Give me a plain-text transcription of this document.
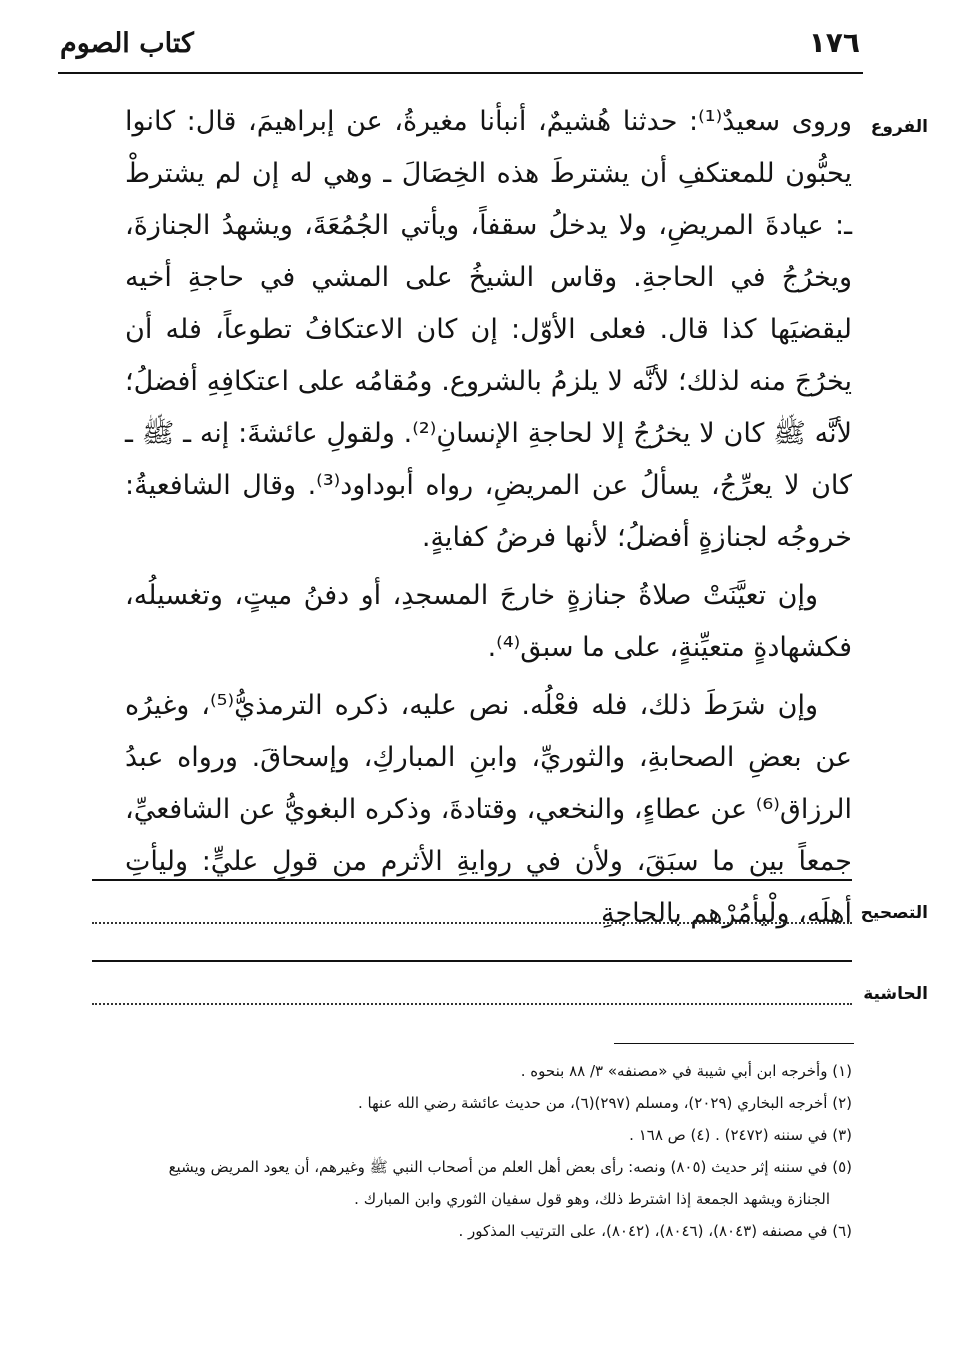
كتاب الصوم	١٧٦
الفروع

وروى سعيدٌ⁽¹⁾: حدثنا هُشيمٌ، أنبأنا مغيرةُ، عن إبراهيمَ، قال: كانوا يحبُّون للمعتكفِ أن يشترطَ هذه الخِصَالَ ـ وهي له إن لم يشترطْ ـ: عيادةَ المريضِ، ولا يدخلُ سقفاً، ويأتي الجُمُعَةَ، ويشهدُ الجنازةَ، ويخرُجُ في الحاجةِ. وقاس الشيخُ على المشي في حاجةِ أخيه ليقضيَها كذا قال. فعلى الأوّل: إن كان الاعتكافُ تطوعاً، فله أن يخرُجَ منه لذلك؛ لأنَّه لا يلزمُ بالشروع. ومُقامُه على اعتكافِهِ أفضلُ؛ لأنَّه ﷺ كان لا يخرُجُ إلا لحاجةِ الإنسانِ⁽²⁾. ولقولِ عائشةَ: إنه ـ ﷺ ـ كان لا يعرِّجُ، يسألُ عن المريضِ، رواه أبوداود⁽³⁾. وقال الشافعيةُ: خروجُه لجنازةٍ أفضلُ؛ لأنها فرضُ كفايةٍ.

وإن تعيَّنَتْ صلاةُ جنازةٍ خارجَ المسجدِ، أو دفنُ ميتٍ، وتغسيلُه، فكشهادةٍ متعيِّنةٍ، على ما سبق⁽⁴⁾.

وإن شرَطَ ذلك، فله فعْلُه. نص عليه، ذكره الترمذيُّ⁽⁵⁾، وغيرُه عن بعضِ الصحابةِ، والثوريِّ، وابنِ المباركِ، وإسحاقَ. ورواه عبدُ الرزاق⁽⁶⁾ عن عطاءٍ، والنخعي، وقتادةَ، وذكره البغويُّ عن الشافعيِّ، جمعاً بين ما سبَقَ، ولأن في روايةِ الأثرم من قولِ عليٍّ: وليأتِ أهلَه، ولْيأمُرْهم بالحاجةِ التصحيح
الحاشية

(١) وأخرجه ابن أبي شيبة في «مصنفه» ٣/ ٨٨ بنحوه .

(٢) أخرجه البخاري (٢٠٢٩)، ومسلم (٢٩٧)(٦)، من حديث عائشة رضي الله عنها .

(٣) في سننه (٢٤٧٢) . (٤) ص ١٦٨ .

(٥) في سننه إثر حديث (٨٠٥) ونصه: رأى بعض أهل العلم من أصحاب النبي ﷺ وغيرهم، أن يعود المريض ويشيع

الجنازة ويشهد الجمعة إذا اشترط ذلك، وهو قول سفيان الثوري وابن المبارك .

(٦) في مصنفه (٨٠٤٣)، (٨٠٤٦)، (٨٠٤٢)، على الترتيب المذكور .
